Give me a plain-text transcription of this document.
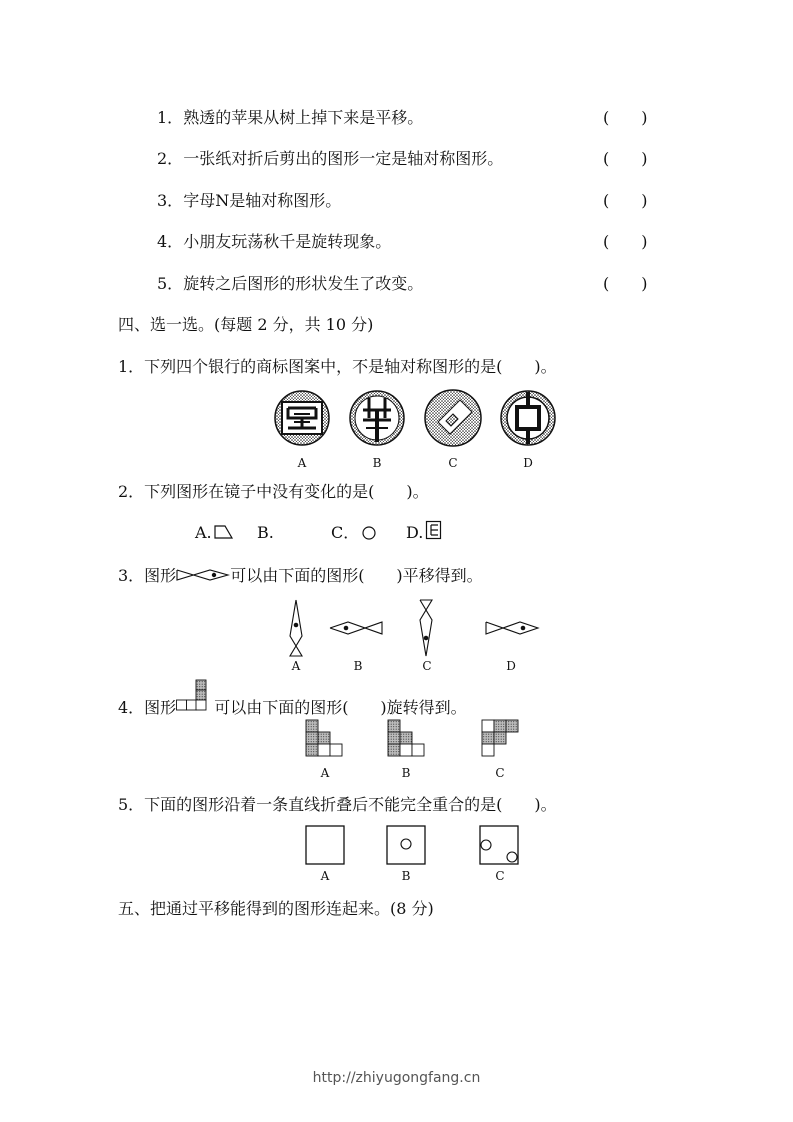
1．熟透的苹果从树上掉下来是平移。	(　　)
2．一张纸对折后剪出的图形一定是轴对称图形。	(　　)
3．字母N是轴对称图形。	(　　)
4．小朋友玩荡秋千是旋转现象。	(　　)
5．旋转之后图形的形状发生了改变。	(　　)
四、选一选。(每题 2 分，共 10 分)
1．下列四个银行的商标图案中，不是轴对称图形的是(　　)。
A	B	C	D
2．下列图形在镜子中没有变化的是(　　)。
A.	B.	C．	D.
3．图形	可以由下面的图形(　　)平移得到。
A	B	C	D
4．图形 可以由下面的图形(　　)旋转得到。
A	B	C
5．下面的图形沿着一条直线折叠后不能完全重合的是(　　)。
A	B	C
五、把通过平移能得到的图形连起来。(8 分)
http://zhiyugongfang.cn
